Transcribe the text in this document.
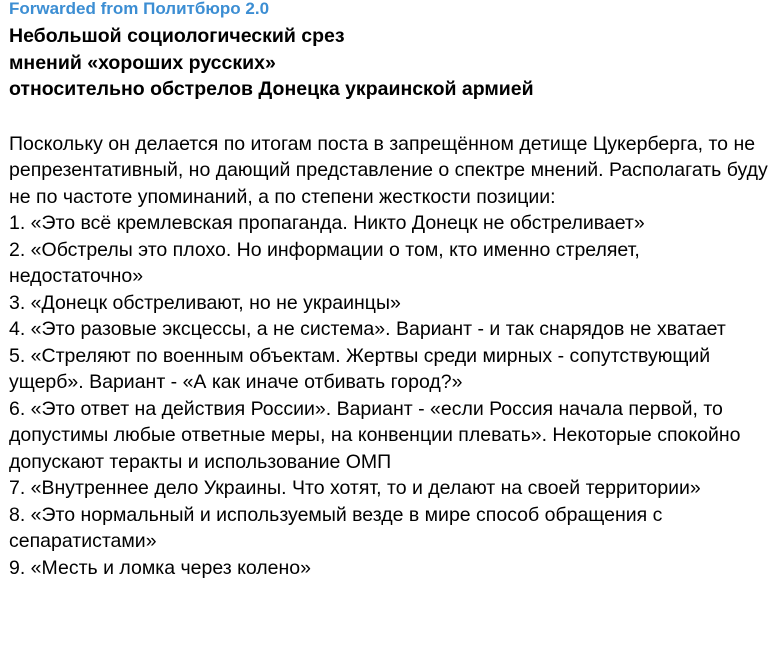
Forwarded from Политбюро 2.0
Небольшой социологический срез
мнений «хороших русских»
относительно обстрелов Донецка украинской армией

Поскольку он делается по итогам поста в запрещённом детище Цукерберга, то не репрезентативный, но дающий представление о спектре мнений. Располагать буду не по частоте упоминаний, а по степени жесткости позиции:

1. «Это всё кремлевская пропаганда. Никто Донецк не обстреливает»

2. «Обстрелы это плохо. Но информации о том, кто именно стреляет, недостаточно»

3. «Донецк обстреливают, но не украинцы»

4. «Это разовые эксцессы, а не система». Вариант - и так снарядов не хватает

5. «Стреляют по военным объектам. Жертвы среди мирных - сопутствующий ущерб». Вариант - «А как иначе отбивать город?»

6. «Это ответ на действия России». Вариант - «если Россия начала первой, то допустимы любые ответные меры, на конвенции плевать». Некоторые спокойно допускают теракты и использование ОМП

7. «Внутреннее дело Украины. Что хотят, то и делают на своей территории»

8. «Это нормальный и используемый везде в мире способ обращения с сепаратистами»

9. «Месть и ломка через колено»
